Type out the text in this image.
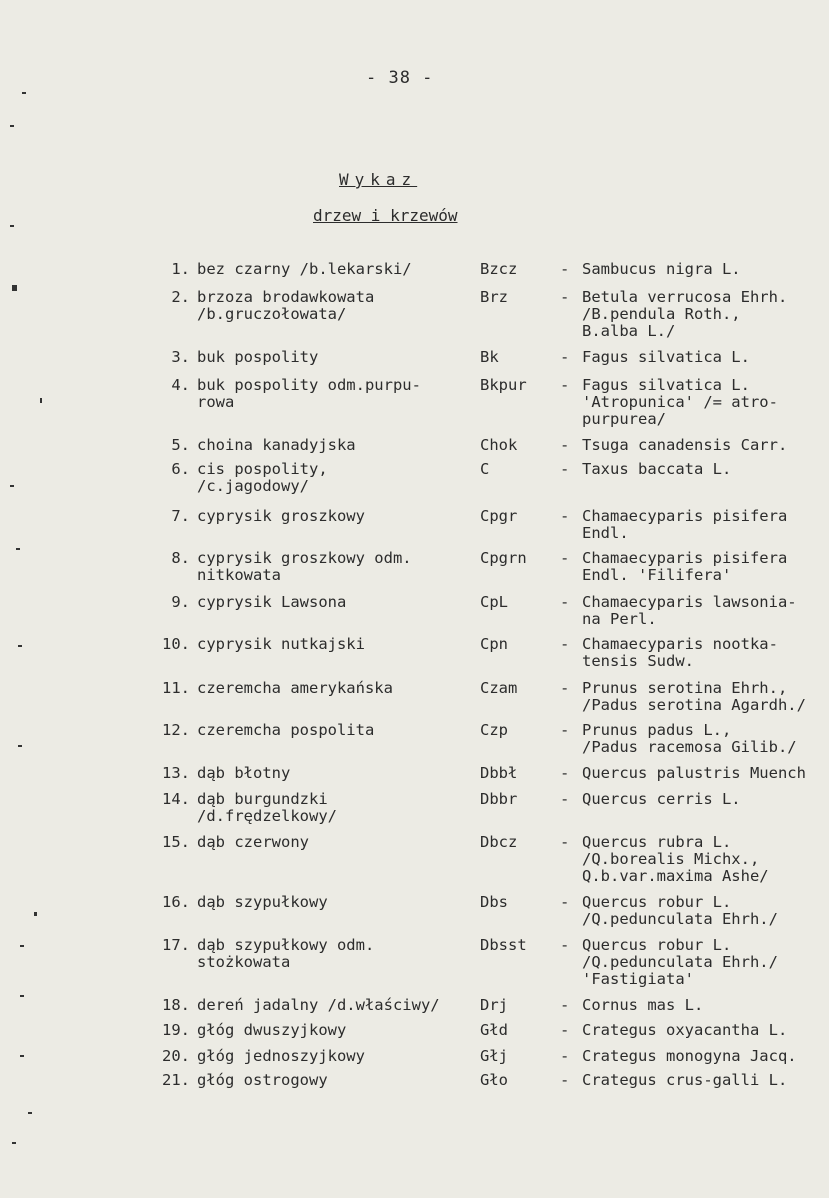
- 38 -
Wykaz
drzew i krzewów
1. bez czarny /b.lekarski/	Bzcz	- Sambucus nigra L.
2. brzoza brodawkowata
/b.gruczołowata/
Brz	- Betula verrucosa Ehrh.
/B.pendula Roth.,
B.alba L./
3. buk pospolity	Bk	- Fagus silvatica L.
4. buk pospolity odm.purpu-
rowa
Bkpur - Fagus silvatica L.
'Atropunica' /= atro-
purpurea/
5. choina kanadyjska	Chok	- Tsuga canadensis Carr.
6. cis pospolity,
/c.jagodowy/
C	- Taxus baccata L.
7. cyprysik groszkowy	Cpgr	- Chamaecyparis pisifera
Endl.
8. cyprysik groszkowy odm.
nitkowata
Cpgrn - Chamaecyparis pisifera
Endl. 'Filifera'
9. cyprysik Lawsona	CpL	- Chamaecyparis lawsonia-
na Perl.
10. cyprysik nutkajski	Cpn	- Chamaecyparis nootka-
tensis Sudw.
11. czeremcha amerykańska	Czam	- Prunus serotina Ehrh.,
/Padus serotina Agardh./
12. czeremcha pospolita	Czp	- Prunus padus L.,
/Padus racemosa Gilib./
13. dąb błotny	Dbbł	- Quercus palustris Muench
14. dąb burgundzki
/d.frędzelkowy/
Dbbr	- Quercus cerris L.
15. dąb czerwony	Dbcz	- Quercus rubra L.
/Q.borealis Michx.,
Q.b.var.maxima Ashe/
16. dąb szypułkowy	Dbs	- Quercus robur L.
/Q.pedunculata Ehrh./
17. dąb szypułkowy odm.
stożkowata
Dbsst - Quercus robur L.
/Q.pedunculata Ehrh./
'Fastigiata'
18. dereń jadalny /d.właściwy/	Drj	- Cornus mas L.
19. głóg dwuszyjkowy	Głd	- Crategus oxyacantha L.
20. głóg jednoszyjkowy	Głj	- Crategus monogyna Jacq.
21. głóg ostrogowy	Gło	- Crategus crus-galli L.
